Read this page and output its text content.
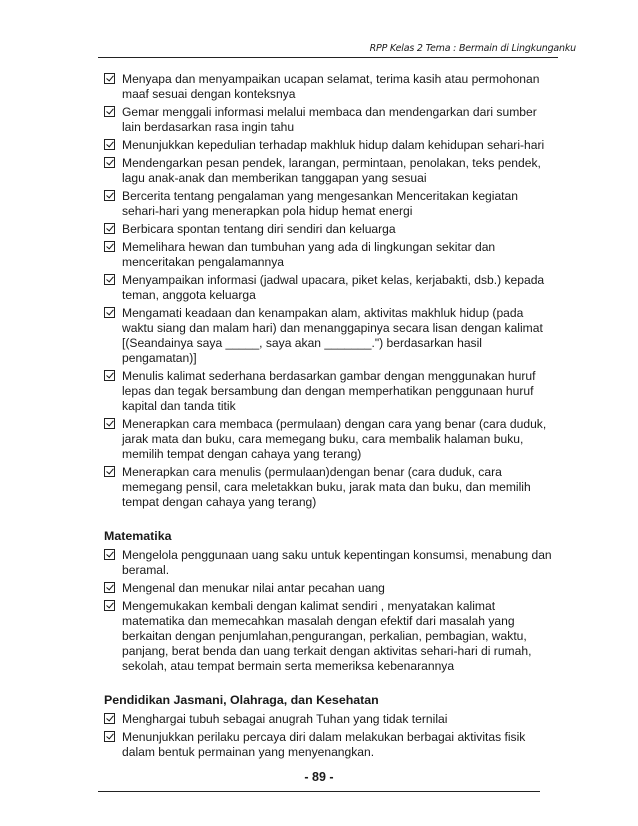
RPP Kelas 2 Tema : Bermain di Lingkunganku
Menyapa dan menyampaikan ucapan selamat, terima kasih atau permohonan maaf sesuai dengan konteksnya
Gemar menggali informasi melalui membaca dan mendengarkan dari sumber lain berdasarkan rasa ingin tahu
Menunjukkan kepedulian terhadap makhluk hidup dalam kehidupan sehari-hari
Mendengarkan pesan pendek, larangan, permintaan, penolakan, teks pendek, lagu anak-anak dan memberikan tanggapan yang sesuai
Bercerita tentang pengalaman yang mengesankan Menceritakan kegiatan sehari-hari yang menerapkan pola hidup hemat energi
Berbicara spontan tentang diri sendiri dan keluarga
Memelihara hewan dan tumbuhan yang ada di lingkungan sekitar dan menceritakan pengalamannya
Menyampaikan informasi (jadwal upacara, piket kelas, kerjabakti, dsb.) kepada teman, anggota keluarga
Mengamati keadaan dan kenampakan alam, aktivitas makhluk hidup (pada waktu siang dan malam hari) dan menanggapinya secara lisan dengan kalimat [(Seandainya saya _____, saya akan _______.") berdasarkan hasil pengamatan)]
Menulis kalimat sederhana berdasarkan gambar dengan menggunakan huruf lepas dan tegak bersambung dan dengan memperhatikan penggunaan huruf kapital dan tanda titik
Menerapkan cara membaca (permulaan) dengan cara yang benar (cara duduk, jarak mata dan buku, cara memegang buku, cara membalik halaman buku, memilih tempat dengan cahaya yang terang)
Menerapkan cara menulis (permulaan)dengan benar (cara duduk, cara memegang pensil, cara meletakkan buku, jarak mata dan buku, dan memilih tempat dengan cahaya yang terang)
Matematika
Mengelola penggunaan uang saku untuk kepentingan konsumsi, menabung dan beramal.
Mengenal dan menukar nilai antar pecahan uang
Mengemukakan kembali dengan kalimat sendiri , menyatakan kalimat matematika dan memecahkan masalah dengan efektif dari masalah yang berkaitan dengan penjumlahan,pengurangan, perkalian, pembagian, waktu, panjang, berat benda dan uang terkait dengan aktivitas sehari-hari di rumah, sekolah, atau tempat bermain serta memeriksa kebenarannya
Pendidikan Jasmani, Olahraga, dan Kesehatan
Menghargai tubuh sebagai anugrah Tuhan yang tidak ternilai
Menunjukkan perilaku percaya diri dalam melakukan berbagai aktivitas fisik dalam bentuk permainan yang menyenangkan.
- 89 -
